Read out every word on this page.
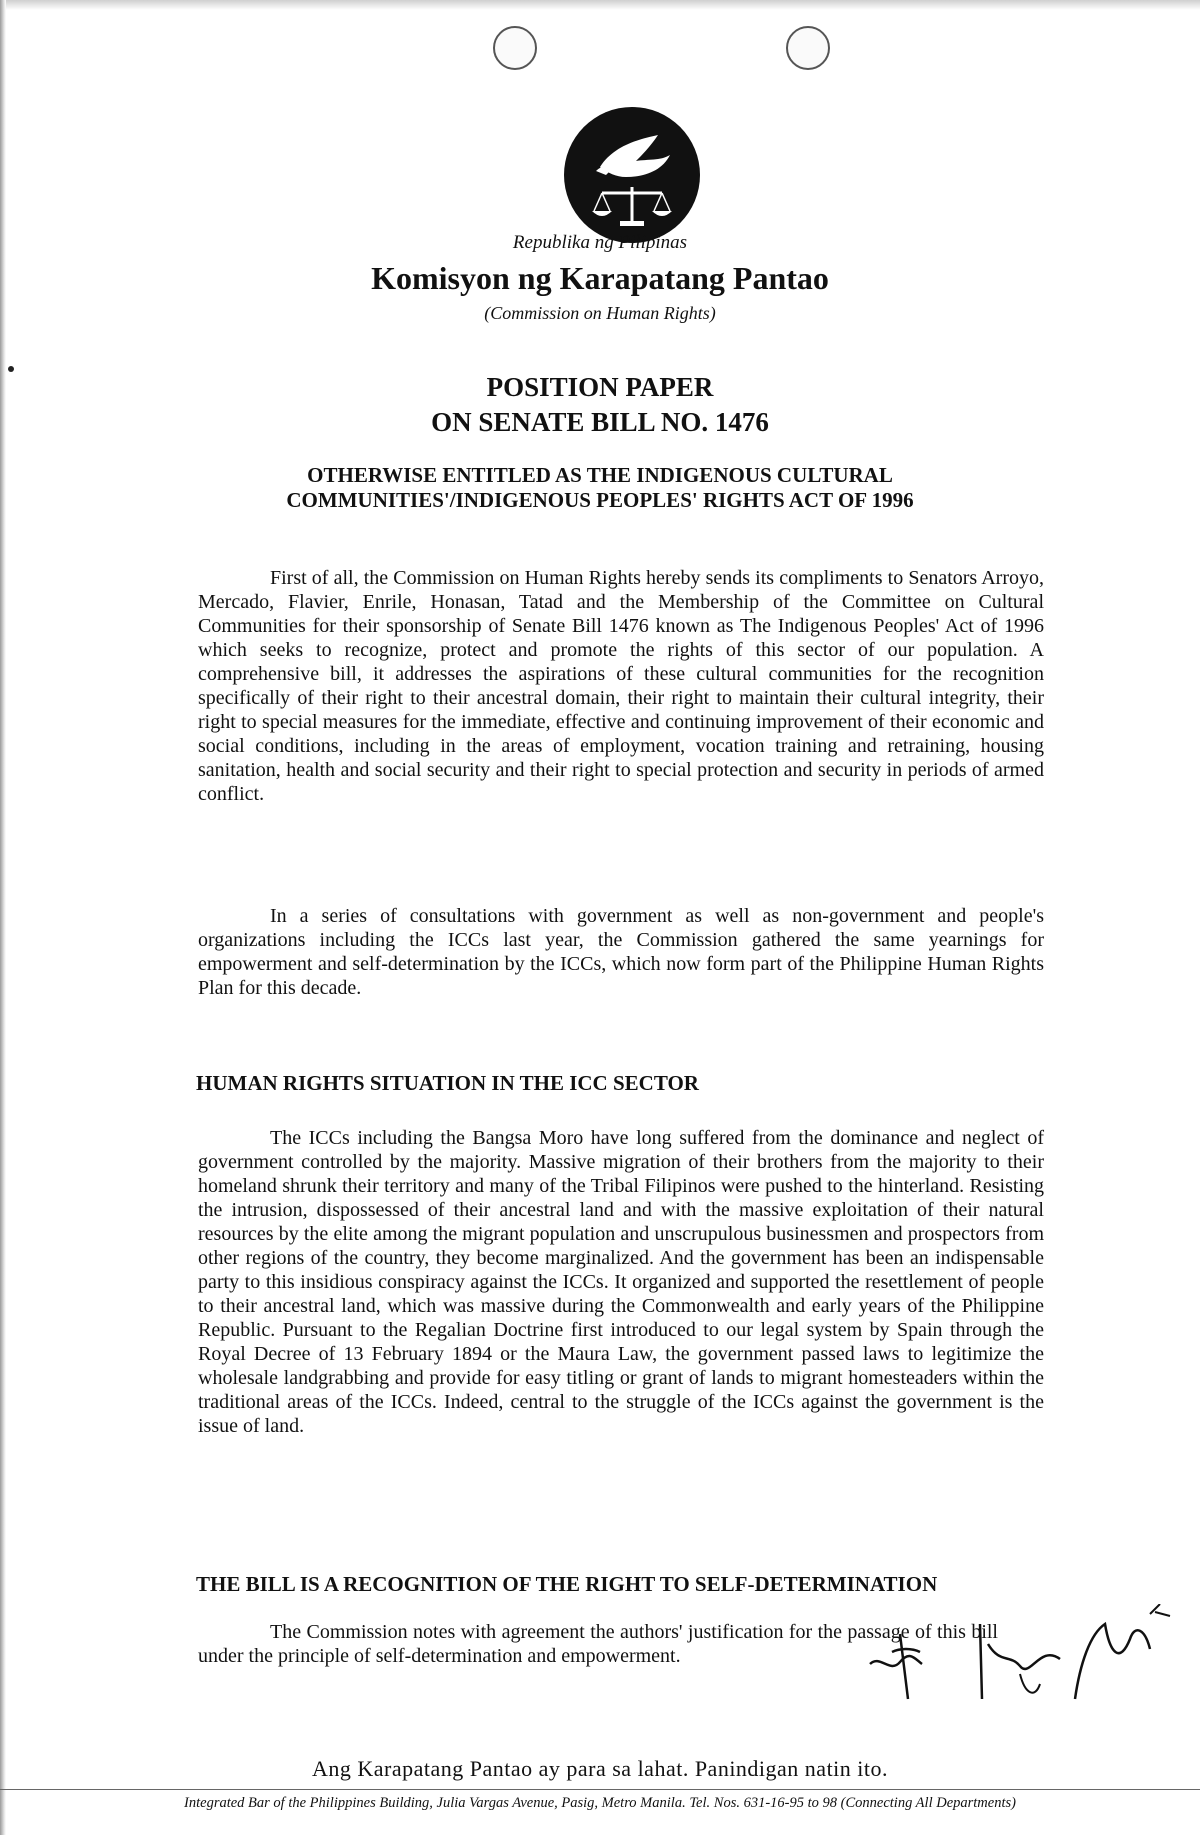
Republika ng Pilipinas
Komisyon ng Karapatang Pantao
(Commission on Human Rights)
POSITION PAPER
ON SENATE BILL NO. 1476
OTHERWISE ENTITLED AS THE INDIGENOUS CULTURAL
COMMUNITIES'/INDIGENOUS PEOPLES' RIGHTS ACT OF 1996
First of all, the Commission on Human Rights hereby sends its compliments to Senators Arroyo, Mercado, Flavier, Enrile, Honasan, Tatad and the Membership of the Committee on Cultural Communities for their sponsorship of Senate Bill 1476 known as The Indigenous Peoples' Act of 1996 which seeks to recognize, protect and promote the rights of this sector of our population. A comprehensive bill, it addresses the aspirations of these cultural communities for the recognition specifically of their right to their ancestral domain, their right to maintain their cultural integrity, their right to special measures for the immediate, effective and continuing improvement of their economic and social conditions, including in the areas of employment, vocation training and retraining, housing sanitation, health and social security and their right to special protection and security in periods of armed conflict.
In a series of consultations with government as well as non-government and people's organizations including the ICCs last year, the Commission gathered the same yearnings for empowerment and self-determination by the ICCs, which now form part of the Philippine Human Rights Plan for this decade.
HUMAN RIGHTS SITUATION IN THE ICC SECTOR
The ICCs including the Bangsa Moro have long suffered from the dominance and neglect of government controlled by the majority. Massive migration of their brothers from the majority to their homeland shrunk their territory and many of the Tribal Filipinos were pushed to the hinterland. Resisting the intrusion, dispossessed of their ancestral land and with the massive exploitation of their natural resources by the elite among the migrant population and unscrupulous businessmen and prospectors from other regions of the country, they become marginalized. And the government has been an indispensable party to this insidious conspiracy against the ICCs. It organized and supported the resettlement of people to their ancestral land, which was massive during the Commonwealth and early years of the Philippine Republic. Pursuant to the Regalian Doctrine first introduced to our legal system by Spain through the Royal Decree of 13 February 1894 or the Maura Law, the government passed laws to legitimize the wholesale landgrabbing and provide for easy titling or grant of lands to migrant homesteaders within the traditional areas of the ICCs. Indeed, central to the struggle of the ICCs against the government is the issue of land.
THE BILL IS A RECOGNITION OF THE RIGHT TO SELF-DETERMINATION
The Commission notes with agreement the authors' justification for the passage of this bill under the principle of self-determination and empowerment.
Ang Karapatang Pantao ay para sa lahat. Panindigan natin ito.
Integrated Bar of the Philippines Building, Julia Vargas Avenue, Pasig, Metro Manila. Tel. Nos. 631-16-95 to 98 (Connecting All Departments)
